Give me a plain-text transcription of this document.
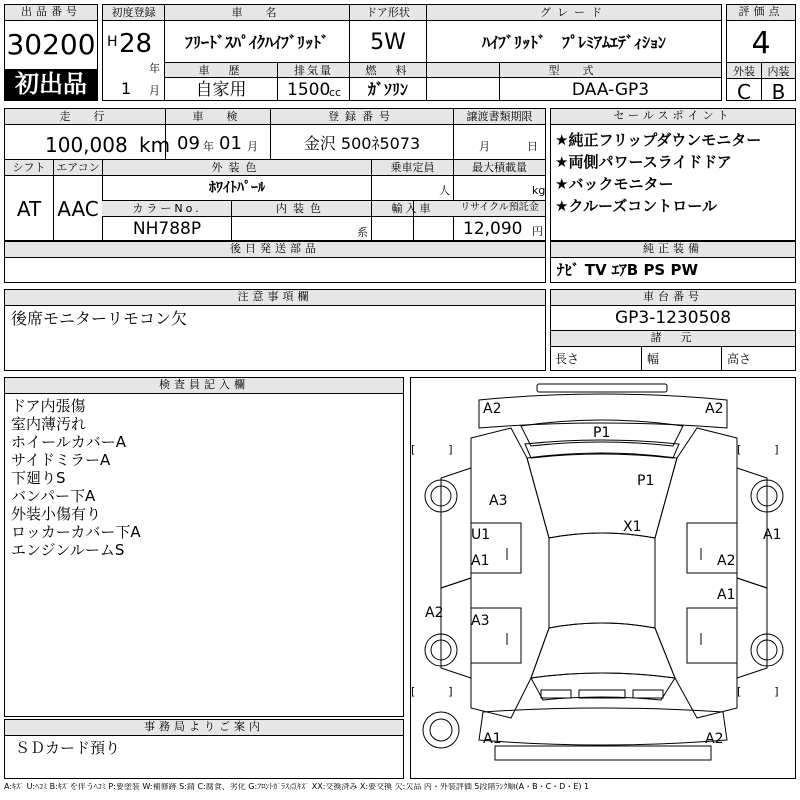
出品番号
30200
初出品
初度登録
H 28
年
1 月
車　名
ﾌﾘｰﾄﾞｽﾊﾟｲｸﾊｲﾌﾞﾘｯﾄﾞ
ドア形状
5W
グレード
ﾊｲﾌﾞﾘｯﾄﾞ　ﾌﾟﾚﾐｱﾑｴﾃﾞｨｼｮﾝ
車　歴
自家用
排気量
1500
cc
燃　料
ｶﾞｿﾘﾝ
型　式
DAA-GP3
評価点
4
外装	内装
C	B
走　行
100,008 km
車　検
09 年 01 月
登録番号
金沢 500ﾈ5073
譲渡書類期限
月	日
シフト
AT
エアコン
AAC
外装色
ﾎﾜｲﾄﾊﾟｰﾙ
乗車定員
人
最大積載量
kg
カラーNo.
NH788P
内装色
系
輸入車	リサイクル預託金
12,090 円
セールスポイント
★純正フリップダウンモニター
★両側パワースライドドア
★バックモニター
★クルーズコントロール
後日発送部品	純正装備
ﾅﾋﾞ TV ｴｱB PS PW
注意事項欄
後席モニターリモコン欠
車台番号
GP3-1230508
諸　元
長さ	幅	高さ
検査員記入欄
ドア内張傷
室内薄汚れ
ホイールカバーA
サイドミラーA
下廻りS
バンパー下A
外装小傷有り
ロッカーカバー下A
エンジンルームS
A2	A2
P1
P1
A3
X1
U1
A1
A1
A2
A1
A2 A3
A1	A2
[　　　]	[　　　]
[　　　]	[　　　]
事務局よりご案内
ＳＤカード預り
A:ｷｽﾞ U:ﾍｺﾐ B:ｷｽﾞを伴うﾍｺﾐ P:要塗装 W:補修跡 S:錆 C:腐食、劣化 G:ﾌﾛﾝﾄｶﾞﾗｽ点ｷｽﾞ XX:交換済み X:要交換 欠:欠品 内・外装評価 5段階ﾗﾝｸ順(A・B・C・D・E) 1
